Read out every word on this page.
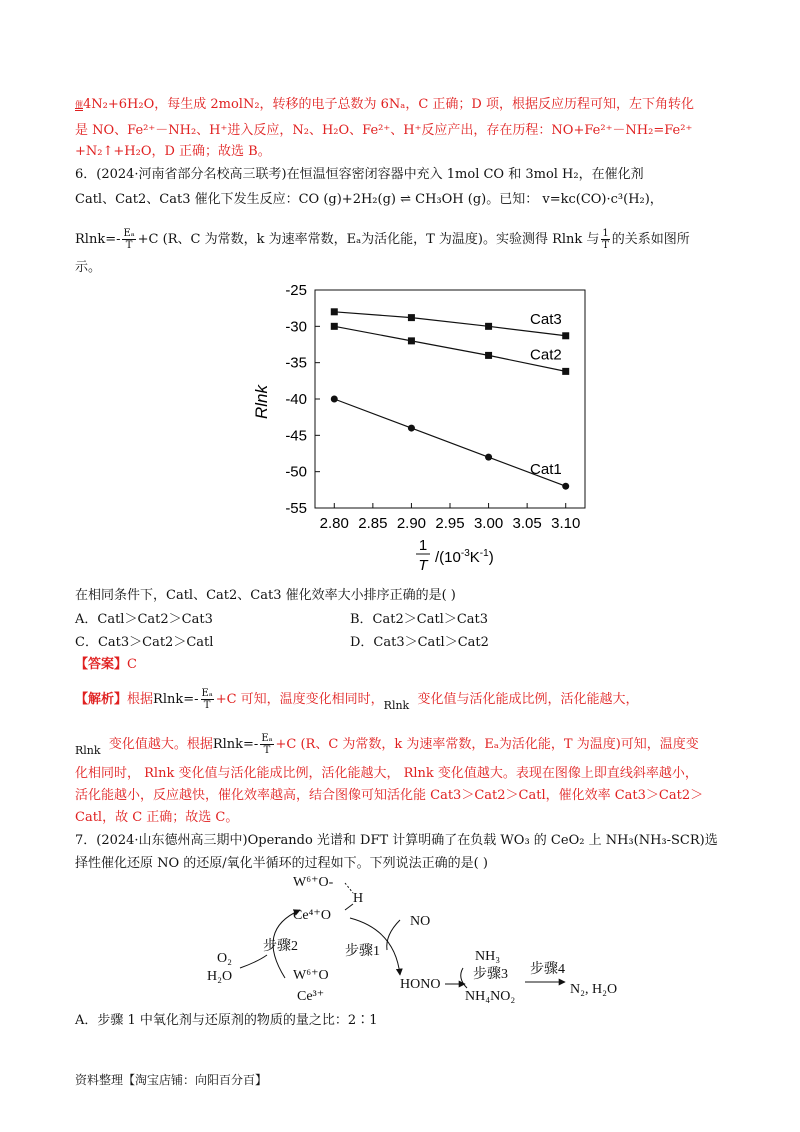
$^催$4N₂+6H₂O，每生成 2molN₂，转移的电子总数为 6Nₐ，C 正确；D 项，根据反应历程可知，左下角转化
是 NO、Fe²⁺－NH₂、H⁺进入反应，N₂、H₂O、Fe²⁺、H⁺反应产出，存在历程：NO+Fe²⁺－NH₂=Fe²⁺
+N₂↑+H₂O，D 正确；故选 B。
6．(2024·河南省部分名校高三联考)在恒温恒容密闭容器中充入 1mol CO 和 3mol H₂，在催化剂
Catl、Cat2、Cat3 催化下发生反应：CO (g)+2H₂(g) ⇌ CH₃OH (g)。已知： v=kc(CO)·c³(H₂)，
$Rlnk=- \frac{\text{Eₐ}}{T} +C$ (R、C 为常数，k 为速率常数，Eₐ为活化能，T 为温度)。实验测得 Rlnk 与 $\frac{1}{T}$ 的关系如图所
示。
2.80 2.85 2.90 2.95 3.00 3.05 3.10
-25
-30
-35
-40
-45
-50
-55
Cat3
Cat2
Cat1
Rlnk
1
T $/(10^{-3}K^{-1})$
在相同条件下，Catl、Cat2、Cat3 催化效率大小排序正确的是( )
A．Catl＞Cat2＞Cat3	B．Cat2＞Catl＞Cat3
C．Cat3＞Cat2＞Catl	D．Cat3＞Catl＞Cat2
【答案】C
【解析】根据$Rlnk=- \frac{\text{Eₐ}}{T} +C$ 可知，温度变化相同时，$_{Rlnk}$ 变化值与活化能成比例，活化能越大，
$_{Rlnk}$ 变化值越大。根据$Rlnk=- \frac{\text{Eₐ}}{T} +C$ (R、C 为常数，k 为速率常数，Eₐ为活化能，T 为温度)可知，温度变
化相同时， Rlnk 变化值与活化能成比例，活化能越大， Rlnk 变化值越大。表现在图像上即直线斜率越小，
活化能越小，反应越快，催化效率越高，结合图像可知活化能 Cat3＞Cat2＞Catl，催化效率 Cat3＞Cat2＞
Catl，故 C 正确；故选 C。
7．(2024·山东德州高三期中)Operando 光谱和 DFT 计算明确了在负载 WO₃ 的 CeO₂ 上 NH₃(NH₃-SCR)选
择性催化还原 NO 的还原/氧化半循环的过程如下。下列说法正确的是( )
W⁶⁺O-
H
Ce⁴⁺O	NO
步骤1
步骤2
O₂
H₂O	W⁶⁺O
Ce³⁺
HONO
NH₃
步骤3
NH₄NO₂
步骤4
N₂, H₂O
A．步骤 1 中氧化剂与还原剂的物质的量之比：2∶1
资料整理【淘宝店铺：向阳百分百】
